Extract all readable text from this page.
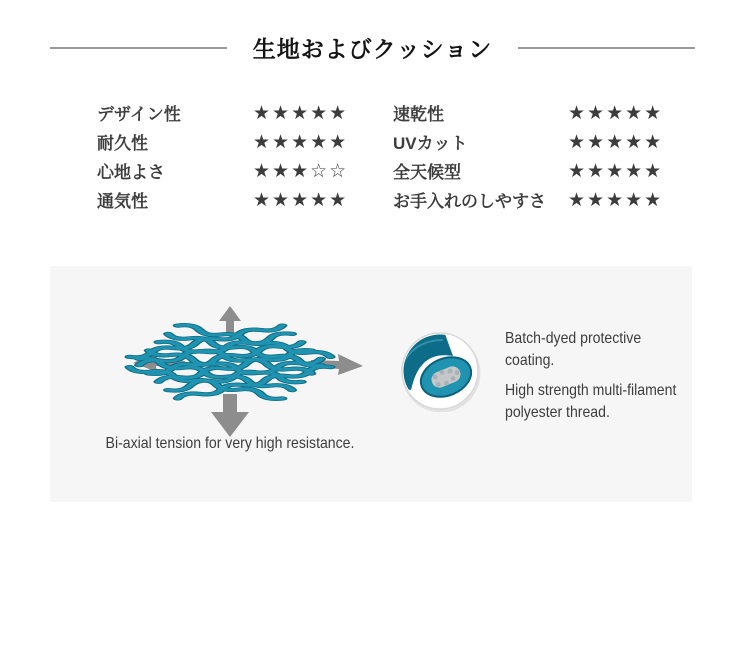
生地およびクッション
デザイン性	★★★★★	速乾性	★★★★★
耐久性	★★★★★	UVカット	★★★★★
心地よさ	★★★☆☆	全天候型	★★★★★
通気性	★★★★★	お手入れのしやすさ	★★★★★
Bi-axial tension for very high resistance.

Batch-dyed protective coating.

High strength multi-filament polyester thread.
